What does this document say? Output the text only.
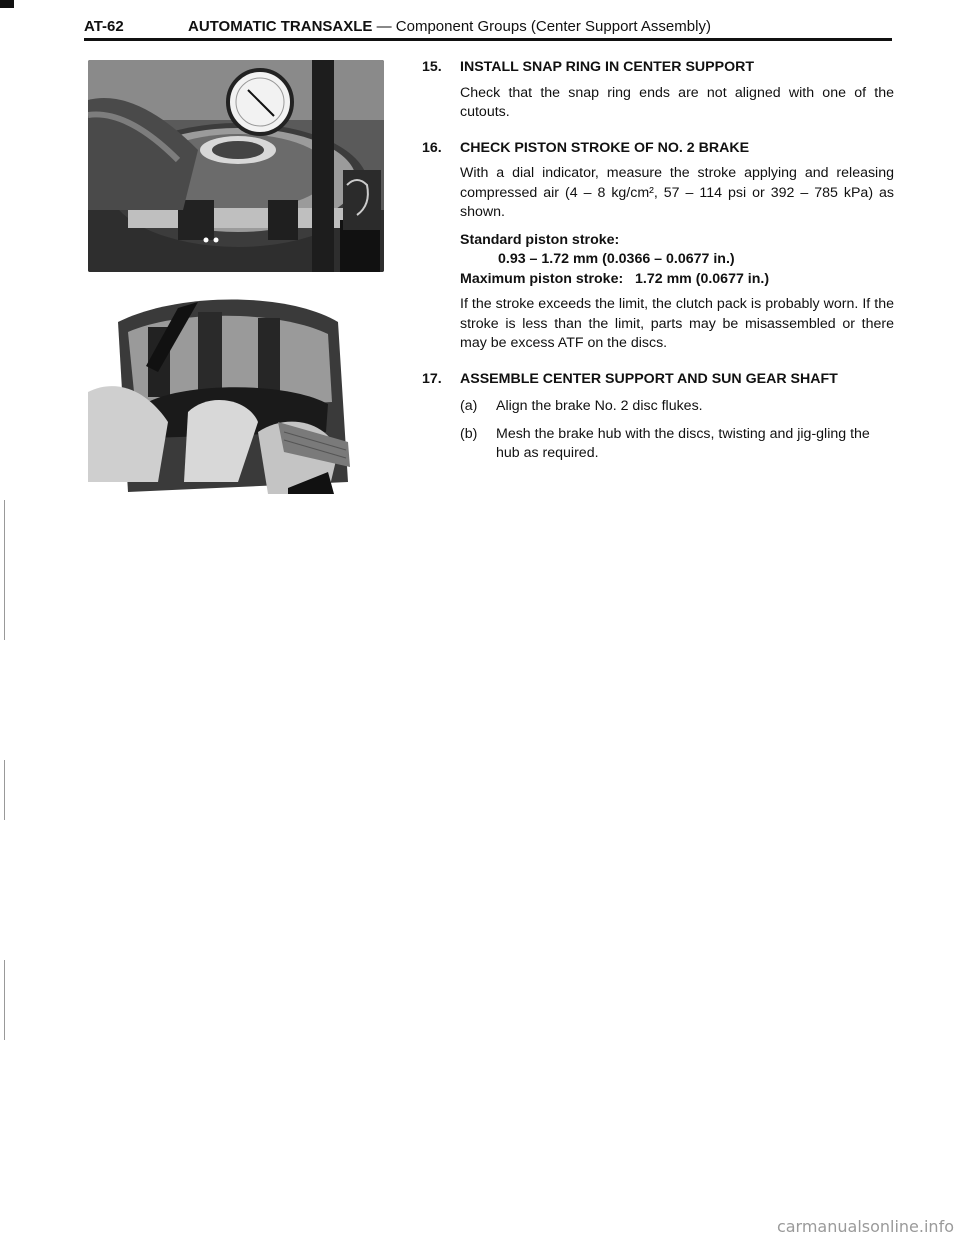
AT-62	AUTOMATIC TRANSAXLE — Component Groups (Center Support Assembly)
15. INSTALL SNAP RING IN CENTER SUPPORT

Check that the snap ring ends are not aligned with one of the cutouts.

16. CHECK PISTON STROKE OF NO. 2 BRAKE

With a dial indicator, measure the stroke applying and releasing compressed air (4 – 8 kg/cm², 57 – 114 psi or 392 – 785 kPa) as shown.

Standard piston stroke:
0.93 – 1.72 mm (0.0366 – 0.0677 in.)
Maximum piston stroke:   1.72 mm (0.0677 in.)

If the stroke exceeds the limit, the clutch pack is probably worn. If the stroke is less than the limit, parts may be misassembled or there may be excess ATF on the discs.

17. ASSEMBLE CENTER SUPPORT AND SUN GEAR SHAFT
(a) Align the brake No. 2 disc flukes.
(b) Mesh the brake hub with the discs, twisting and jig-gling the hub as required.
carmanualsonline.info
